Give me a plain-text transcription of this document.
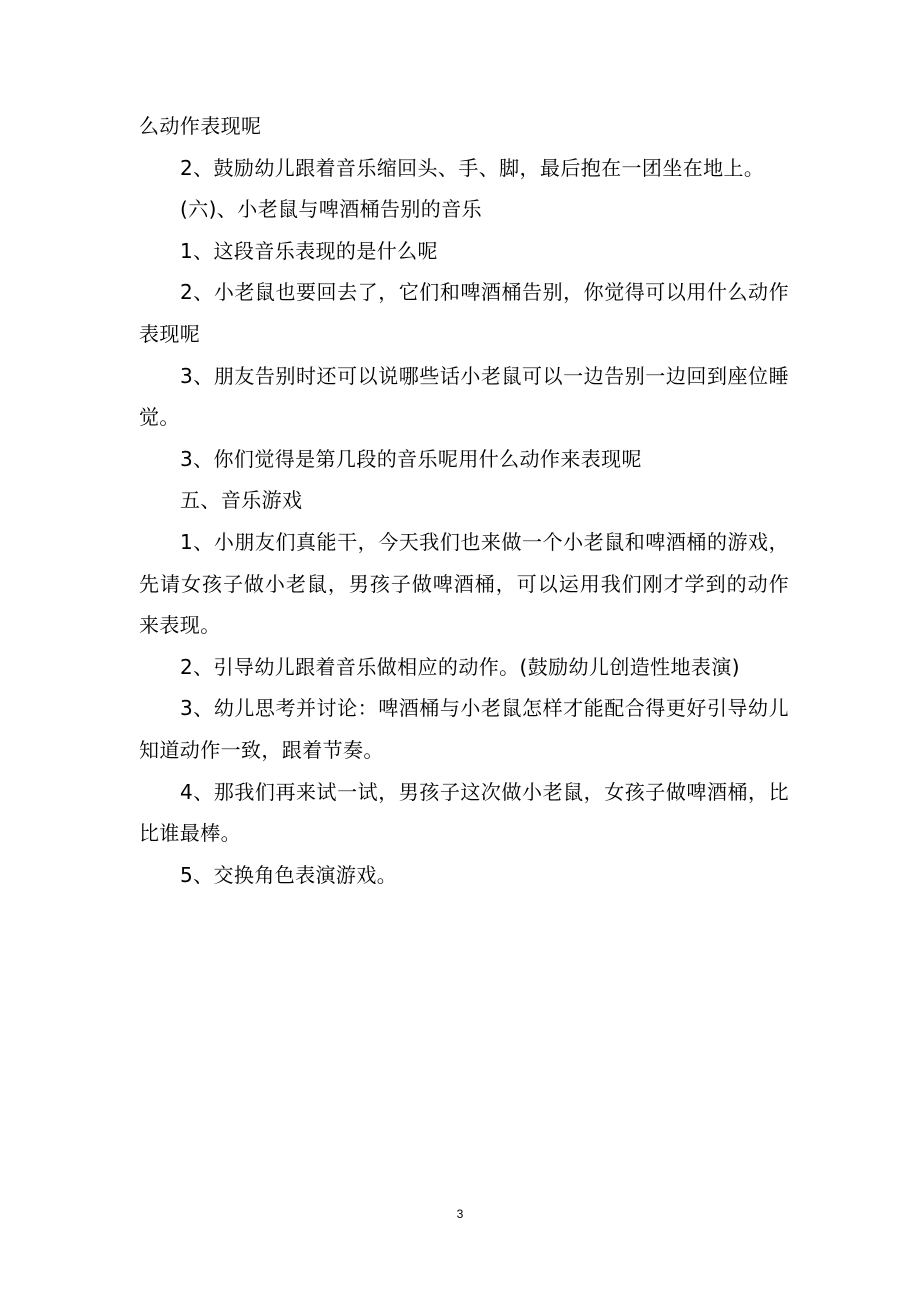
么动作表现呢

2、鼓励幼儿跟着音乐缩回头、手、脚，最后抱在一团坐在地上。

(六)、小老鼠与啤酒桶告别的音乐

1、这段音乐表现的是什么呢

2、小老鼠也要回去了，它们和啤酒桶告别，你觉得可以用什么动作表现呢

3、朋友告别时还可以说哪些话小老鼠可以一边告别一边回到座位睡觉。

3、你们觉得是第几段的音乐呢用什么动作来表现呢

五、音乐游戏

1、小朋友们真能干，今天我们也来做一个小老鼠和啤酒桶的游戏，先请女孩子做小老鼠，男孩子做啤酒桶，可以运用我们刚才学到的动作来表现。

2、引导幼儿跟着音乐做相应的动作。(鼓励幼儿创造性地表演)

3、幼儿思考并讨论：啤酒桶与小老鼠怎样才能配合得更好引导幼儿知道动作一致，跟着节奏。

4、那我们再来试一试，男孩子这次做小老鼠，女孩子做啤酒桶，比比谁最棒。

5、交换角色表演游戏。

3
